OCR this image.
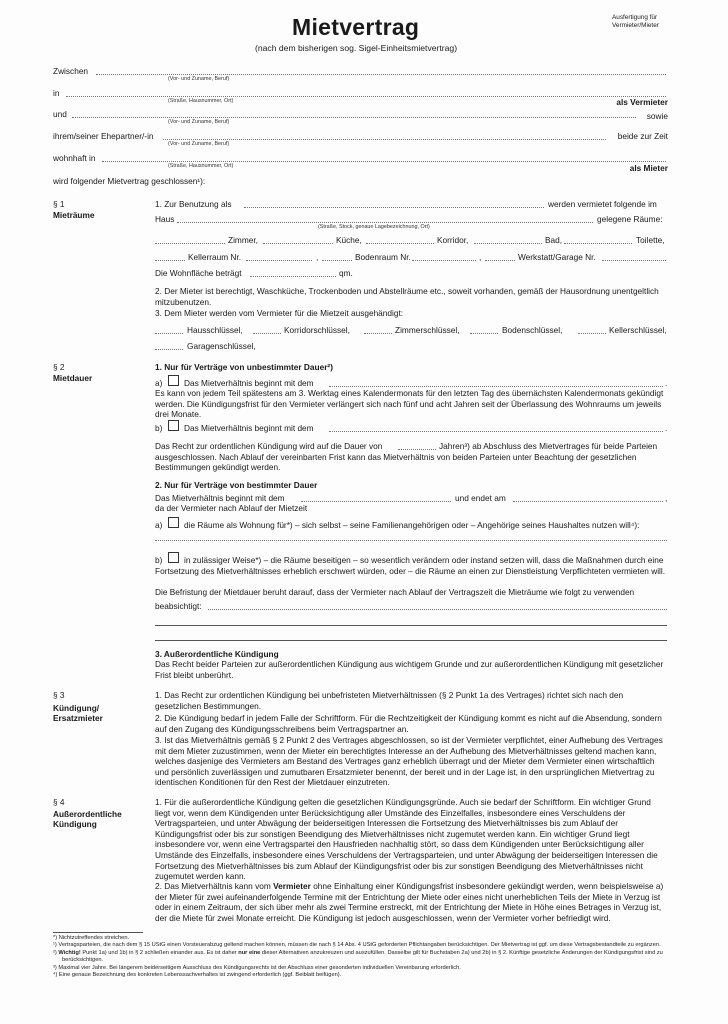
Mietvertrag
(nach dem bisherigen sog. Sigel-Einheitsmietvertrag)
Ausfertigung für
Vermieter/Mieter
Zwischen
(Vor- und Zuname, Beruf)
in
(Straße, Hausnummer, Ort)	als Vermieter
und	sowie
(Vor- und Zuname, Beruf)
ihrem/seiner Ehepartner/-in	beide zur Zeit
(Vor- und Zuname, Beruf)
wohnhaft in
(Straße, Hausnummer, Ort)	als Mieter
wird folgender Mietvertrag geschlossen¹):
§ 1
Mieträume
1. Zur Benutzung als	werden vermietet folgende im
Haus	gelegene Räume:
(Straße, Stock, genaue Lagebezeichnung, Ort)
Zimmer,	Küche,	Korridor,	Bad,	Toilette,
Kellerraum Nr.	,	Bodenraum Nr.	,	Werkstatt/Garage Nr.
Die Wohnfläche beträgt	qm.
2. Der Mieter ist berechtigt, Waschküche, Trockenboden und Abstellräume etc., soweit vorhanden, gemäß der Hausordnung unentgeltlich mitzubenutzen.
3. Dem Mieter werden vom Vermieter für die Mietzeit ausgehändigt:
Hausschlüssel,	Korridorschlüssel,	Zimmerschlüssel,	Bodenschlüssel,	Kellerschlüssel,
Garagenschlüssel,
§ 2
Mietdauer
1. Nur für Verträge von unbestimmter Dauer²)
a)	Das Mietverhältnis beginnt mit dem	.
Es kann von jedem Teil spätestens am 3. Werktag eines Kalendermonats für den letzten Tag des übernächsten Kalendermonats gekündigt werden. Die Kündigungsfrist für den Vermieter verlängert sich nach fünf und acht Jahren seit der Überlassung des Wohnraums um jeweils drei Monate.
b)	Das Mietverhältnis beginnt mit dem	.
Das Recht zur ordentlichen Kündigung wird auf die Dauer von	Jahren³) ab Abschluss des Mietvertrages für beide Parteien ausgeschlossen. Nach Ablauf der vereinbarten Frist kann das Mietverhältnis von beiden Parteien unter Beachtung der gesetzlichen Bestimmungen gekündigt werden.
2. Nur für Verträge von bestimmter Dauer
Das Mietverhältnis beginnt mit dem	und endet am	,
da der Vermieter nach Ablauf der Mietzeit
a)	die Räume als Wohnung für*) – sich selbst – seine Familienangehörigen oder – Angehörige seines Haushaltes nutzen will⁴):
b)	in zulässiger Weise*) – die Räume beseitigen – so wesentlich verändern oder instand setzen will, dass die Maßnahmen durch eine Fortsetzung des Mietverhältnisses erheblich erschwert würden, oder – die Räume an einen zur Dienstleistung Verpflichteten vermieten will.
Die Befristung der Mietdauer beruht darauf, dass der Vermieter nach Ablauf der Vertragszeit die Mieträume wie folgt zu verwenden
beabsichtigt:
3. Außerordentliche Kündigung
Das Recht beider Parteien zur außerordentlichen Kündigung aus wichtigem Grunde und zur außerordentlichen Kündigung mit gesetzlicher Frist bleibt unberührt.
§ 3
Kündigung/
Ersatzmieter
1. Das Recht zur ordentlichen Kündigung bei unbefristeten Mietverhältnissen (§ 2 Punkt 1a des Vertrages) richtet sich nach den gesetzlichen Bestimmungen.
2. Die Kündigung bedarf in jedem Falle der Schriftform. Für die Rechtzeitigkeit der Kündigung kommt es nicht auf die Absendung, sondern auf den Zugang des Kündigungsschreibens beim Vertragspartner an.
3. Ist das Mietverhältnis gemäß § 2 Punkt 2 des Vertrages abgeschlossen, so ist der Vermieter verpflichtet, einer Aufhebung des Vertrages mit dem Mieter zuzustimmen, wenn der Mieter ein berechtigtes Interesse an der Aufhebung des Mietverhältnisses geltend machen kann, welches dasjenige des Vermieters am Bestand des Vertrages ganz erheblich überragt und der Mieter dem Vermieter einen wirtschaftlich und persönlich zuverlässigen und zumutbaren Ersatzmieter benennt, der bereit und in der Lage ist, in den ursprünglichen Mietvertrag zu identischen Konditionen für den Rest der Mietdauer einzutreten.
§ 4
Außerordentliche
Kündigung
1. Für die außerordentliche Kündigung gelten die gesetzlichen Kündigungsgründe. Auch sie bedarf der Schriftform. Ein wichtiger Grund liegt vor, wenn dem Kündigenden unter Berücksichtigung aller Umstände des Einzelfalles, insbesondere eines Verschuldens der Vertragsparteien, und unter Abwägung der beiderseitigen Interessen die Fortsetzung des Mietverhältnisses bis zum Ablauf der Kündigungsfrist oder bis zur sonstigen Beendigung des Mietverhältnisses nicht zugemutet werden kann. Ein wichtiger Grund liegt insbesondere vor, wenn eine Vertragspartei den Hausfrieden nachhaltig stört, so dass dem Kündigenden unter Berücksichtigung aller Umstände des Einzelfalls, insbesondere eines Verschuldens der Vertragsparteien, und unter Abwägung der beiderseitigen Interessen die Fortsetzung des Mietverhältnisses bis zum Ablauf der Kündigungsfrist oder bis zur sonstigen Beendigung des Mietverhältnisses nicht zugemutet werden kann.
2. Das Mietverhältnis kann vom Vermieter ohne Einhaltung einer Kündigungsfrist insbesondere gekündigt werden, wenn beispielsweise a) der Mieter für zwei aufeinanderfolgende Termine mit der Entrichtung der Miete oder eines nicht unerheblichen Teils der Miete in Verzug ist oder in einem Zeitraum, der sich über mehr als zwei Termine erstreckt, mit der Entrichtung der Miete in Höhe eines Betrages in Verzug ist, der die Miete für zwei Monate erreicht. Die Kündigung ist jedoch ausgeschlossen, wenn der Vermieter vorher befriedigt wird.
*) Nichtzutreffendes streichen.
¹) Vertragsparteien, die nach dem § 15 UStG einen Vorsteuerabzug geltend machen können, müssen die nach § 14 Abs. 4 UStG geforderten Pflichtangaben berücksichtigen. Der Mietvertrag ist ggf. um diese Vertragsbestandteile zu ergänzen.
²) Wichtig! Punkt 1a) und 1b) in § 2 schließen einander aus. Es ist daher nur eine dieser Alternativen anzukreuzen und auszufüllen. Dasselbe gilt für Buchstaben 2a) und 2b) in § 2. Künftige gesetzliche Änderungen der Kündigungsfrist sind zu berücksichtigen.
³) Maximal vier Jahre. Bei längerem beiderseitigem Ausschluss des Kündigungsrechts ist der Abschluss einer gesonderten individuellen Vereinbarung erforderlich.
⁴) Eine genaue Bezeichnung des konkreten Lebenssachverhaltes ist zwingend erforderlich (ggf. Beiblatt beifügen).
